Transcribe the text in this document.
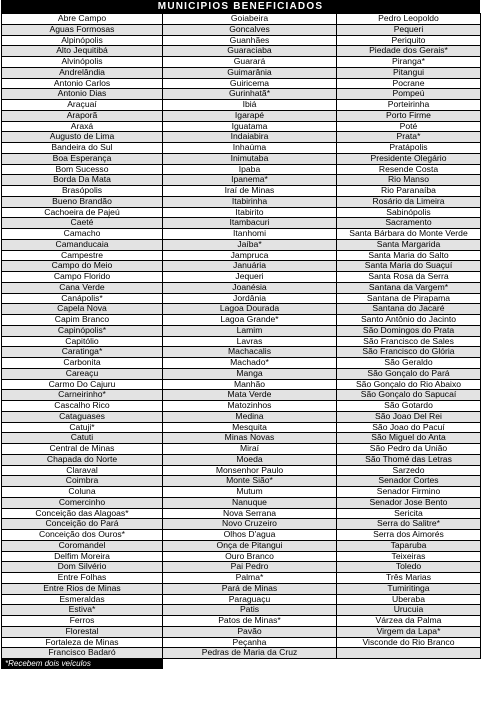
MUNICIPIOS BENEFICIADOS
Abre Campo	Goiabeira	Pedro Leopoldo
Aguas Formosas	Goncalves	Pequeri
Alpinópolis	Guanhães	Periquito
Alto Jequitibá	Guaraciaba	Piedade dos Gerais*
Alvinópolis	Guarará	Piranga*
Andrelândia	Guimarânia	Pitangui
Antonio Carlos	Guiricema	Pocrane
Antonio Dias	Gurinhatã*	Pompeú
Araçuaí	Ibiá	Porteirinha
Araporã	Igarapé	Porto Firme
Araxá	Iguatama	Poté
Augusto de Lima	Indaiabira	Prata*
Bandeira do Sul	Inhaúma	Pratápolis
Boa Esperança	Inimutaba	Presidente Olegário
Bom Sucesso	Ipaba	Resende Costa
Borda Da Mata	Ipanema*	Rio Manso
Brasópolis	Iraí de Minas	Rio Paranaíba
Bueno Brandão	Itabirinha	Rosário da Limeira
Cachoeira de Pajeú	Itabirito	Sabinópolis
Caeté	Itambacuri	Sacramento
Camacho	Itanhomi	Santa Bárbara do Monte Verde
Camanducaia	Jaíba*	Santa Margarida
Campestre	Jampruca	Santa Maria do Salto
Campo do Meio	Januária	Santa Maria do Suaçuí
Campo Florido	Jequeri	Santa Rosa da Serra
Cana Verde	Joanésia	Santana da Vargem*
Canápolis*	Jordânia	Santana de Pirapama
Capela Nova	Lagoa Dourada	Santana do Jacaré
Capim Branco	Lagoa Grande*	Santo Antônio do Jacinto
Capinópolis*	Lamim	São Domingos do Prata
Capitólio	Lavras	São Francisco de Sales
Caratinga*	Machacalis	São Francisco do Glória
Carbonita	Machado*	São Geraldo
Careaçu	Manga	São Gonçalo do Pará
Carmo Do Cajuru	Manhão	São Gonçalo do Rio Abaixo
Carneirinho*	Mata Verde	São Gonçalo do Sapucaí
Cascalho Rico	Matozinhos	São Gotardo
Cataguases	Medina	São Joao Del Rei
Catuji*	Mesquita	São Joao do Pacuí
Catuti	Minas Novas	São Miguel do Anta
Central de Minas	Miraí	São Pedro da União
Chapada do Norte	Moeda	São Thomé das Letras
Claraval	Monsenhor Paulo	Sarzedo
Coimbra	Monte Sião*	Senador Cortes
Coluna	Mutum	Senador Firmino
Comercinho	Nanuque	Senador Jose Bento
Conceição das Alagoas*	Nova Serrana	Sericita
Conceição do Pará	Novo Cruzeiro	Serra do Salitre*
Conceição dos Ouros*	Olhos D'agua	Serra dos Aimorés
Coromandel	Onça de Pitangui	Taparuba
Delfim Moreira	Ouro Branco	Teixeiras
Dom Silvério	Pai Pedro	Toledo
Entre Folhas	Palma*	Três Marias
Entre Rios de Minas	Pará de Minas	Tumiritinga
Esmeraldas	Paraguaçu	Uberaba
Estiva*	Patis	Urucuia
Ferros	Patos de Minas*	Várzea da Palma
Florestal	Pavão	Virgem da Lapa*
Fortaleza de Minas	Peçanha	Visconde do Rio Branco
Francisco Badaró	Pedras de Maria da Cruz	
*Recebem dois veículos
